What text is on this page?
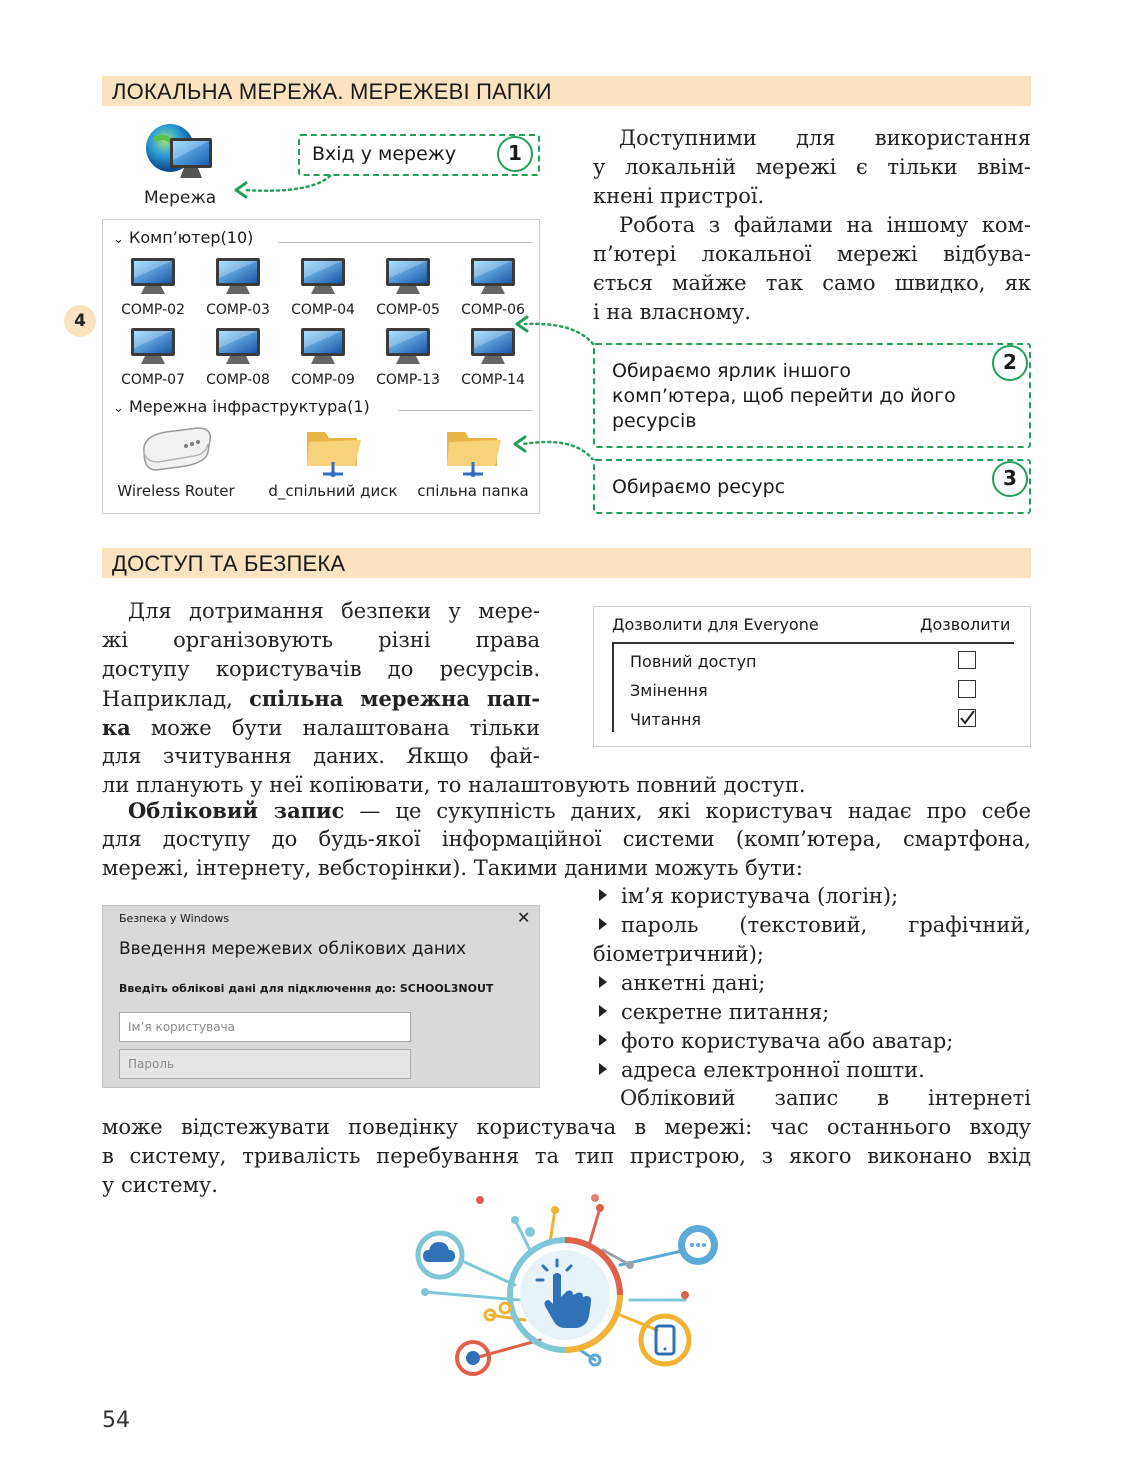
ЛОКАЛЬНА МЕРЕЖА. МЕРЕЖЕВІ ПАПКИ
Мережа
Вхід у мережу	1
⌄ Комп’ютер(10)
COMP-02	COMP-03	COMP-04	COMP-05	COMP-06
COMP-07	COMP-08	COMP-09	COMP-13	COMP-14
⌄ Мережна інфраструктура(1)
Wireless Router	d_спільний диск	спільна папка
4
Доступними для використання
у локальній мережі є тільки ввім-
кнені пристрої.
Робота з файлами на іншому ком-
п’ютері локальної мережі відбува-
ється майже так само швидко, як
і на власному.
Обираємо ярлик іншого
комп’ютера, щоб перейти до його
ресурсів
2
Обираємо ресурс	3
ДОСТУП ТА БЕЗПЕКА
Для дотримання безпеки у мере-
жі організовують різні права
доступу користувачів до ресурсів.
Наприклад, спільна мережна пап-
ка може бути налаштована тільки
для зчитування даних. Якщо фай-
ли планують у неї копіювати, то налаштовують повний доступ.
Дозволити для Everyone	Дозволити
Повний доступ
Змінення
Читання
Обліковий запис — це сукупність даних, які користувач надає про себе
для доступу до будь-якої інформаційної системи (комп’ютера, смартфона,
мережі, інтернету, вебсторінки). Такими даними можуть бути:
Безпека у Windows	✕
Введення мережевих облікових даних
Введіть облікові дані для підключення до: SCHOOL3NOUT
Ім’я користувача
Пароль
ім’я користувача (логін);
пароль (текстовий, графічний,
біометричний);
анкетні дані;
секретне питання;
фото користувача або аватар;
адреса електронної пошти.
Обліковий запис в інтернеті
може відстежувати поведінку користувача в мережі: час останнього входу
в систему, тривалість перебування та тип пристрою, з якого виконано вхід
у систему.
54
